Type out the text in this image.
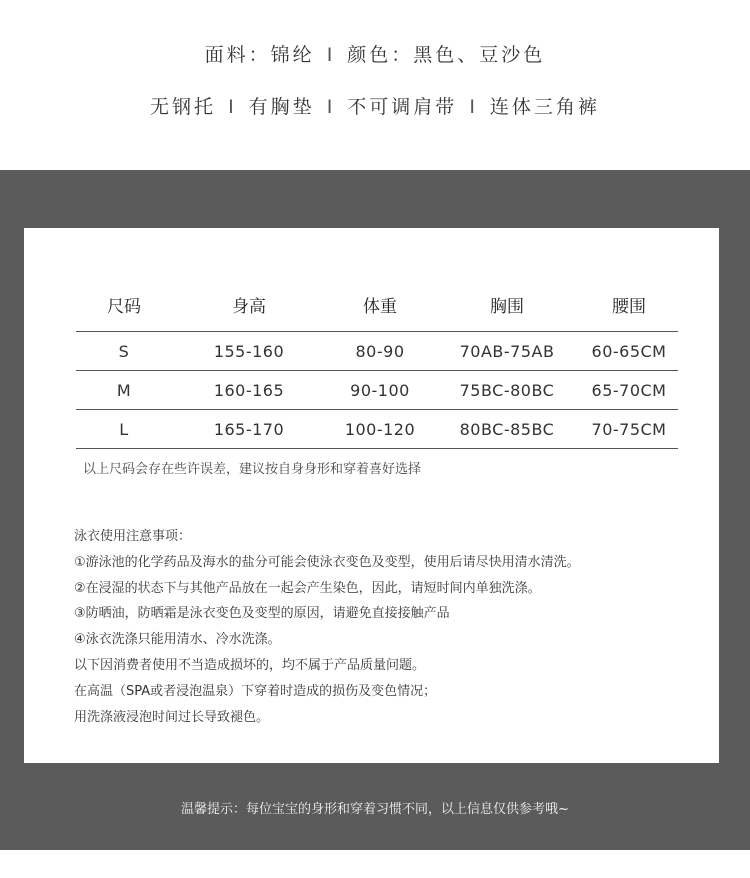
面料：锦纶 I 颜色：黑色、豆沙色
无钢托 I 有胸垫 I 不可调肩带 I 连体三角裤
尺码	身高	体重	胸围	腰围
S	155-160	80-90	70AB-75AB	60-65CM
M	160-165	90-100	75BC-80BC	65-70CM
L	165-170	100-120	80BC-85BC	70-75CM
以上尺码会存在些许误差，建议按自身身形和穿着喜好选择
泳衣使用注意事项：
①游泳池的化学药品及海水的盐分可能会使泳衣变色及变型，使用后请尽快用清水清洗。
②在浸湿的状态下与其他产品放在一起会产生染色，因此，请短时间内单独洗涤。
③防晒油，防晒霜是泳衣变色及变型的原因，请避免直接接触产品
④泳衣洗涤只能用清水、冷水洗涤。
以下因消费者使用不当造成损坏的，均不属于产品质量问题。
在高温（SPA或者浸泡温泉）下穿着时造成的损伤及变色情况；
用洗涤液浸泡时间过长导致褪色。
温馨提示：每位宝宝的身形和穿着习惯不同，以上信息仅供参考哦~
